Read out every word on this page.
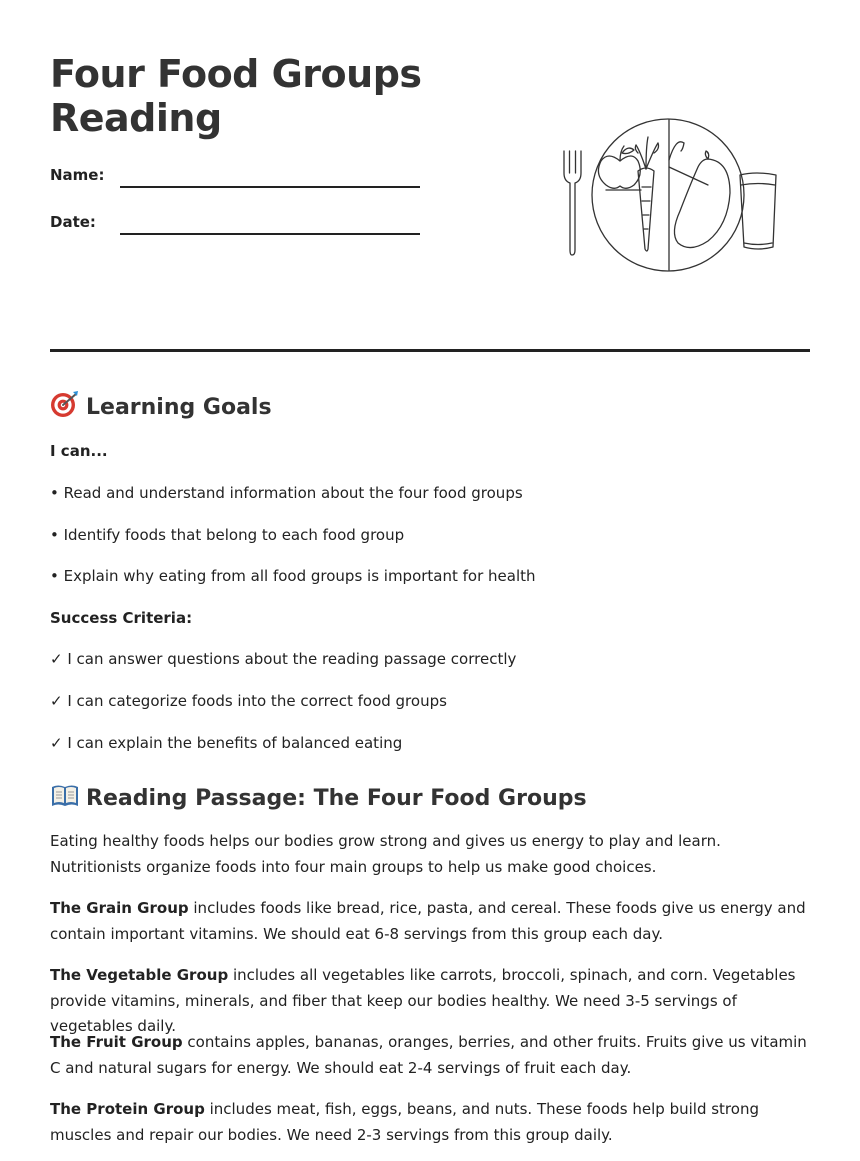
Four Food Groups Reading
Name:
Date:
Learning Goals
I can...
• Read and understand information about the four food groups
• Identify foods that belong to each food group
• Explain why eating from all food groups is important for health
Success Criteria:
✓ I can answer questions about the reading passage correctly
✓ I can categorize foods into the correct food groups
✓ I can explain the benefits of balanced eating
Reading Passage: The Four Food Groups

Eating healthy foods helps our bodies grow strong and gives us energy to play and learn. Nutritionists organize foods into four main groups to help us make good choices.

The Grain Group includes foods like bread, rice, pasta, and cereal. These foods give us energy and contain important vitamins. We should eat 6-8 servings from this group each day.

The Vegetable Group includes all vegetables like carrots, broccoli, spinach, and corn. Vegetables provide vitamins, minerals, and fiber that keep our bodies healthy. We need 3-5 servings of vegetables daily.

The Fruit Group contains apples, bananas, oranges, berries, and other fruits. Fruits give us vitamin C and natural sugars for energy. We should eat 2-4 servings of fruit each day.

The Protein Group includes meat, fish, eggs, beans, and nuts. These foods help build strong muscles and repair our bodies. We need 2-3 servings from this group daily.
